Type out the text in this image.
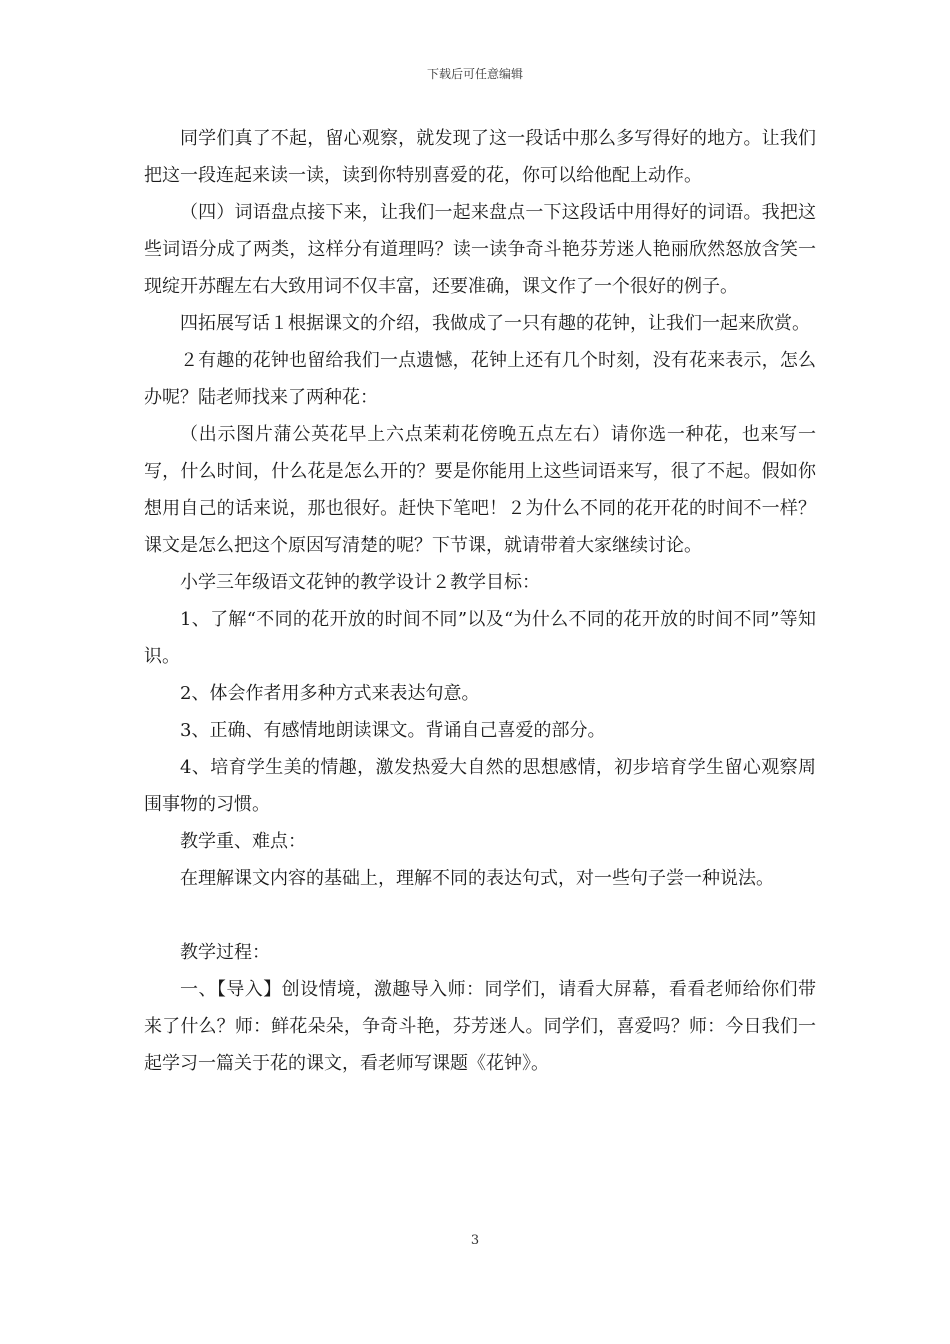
下载后可任意编辑

同学们真了不起，留心观察，就发现了这一段话中那么多写得好的地方。让我们把这一段连起来读一读，读到你特别喜爱的花，你可以给他配上动作。

（四）词语盘点接下来，让我们一起来盘点一下这段话中用得好的词语。我把这些词语分成了两类，这样分有道理吗？读一读争奇斗艳芬芳迷人艳丽欣然怒放含笑一现绽开苏醒左右大致用词不仅丰富，还要准确，课文作了一个很好的例子。

四拓展写话１根据课文的介绍，我做成了一只有趣的花钟，让我们一起来欣赏。

２有趣的花钟也留给我们一点遗憾，花钟上还有几个时刻，没有花来表示，怎么办呢？陆老师找来了两种花：

（出示图片蒲公英花早上六点茉莉花傍晚五点左右）请你选一种花，也来写一写，什么时间，什么花是怎么开的？要是你能用上这些词语来写，很了不起。假如你想用自己的话来说，那也很好。赶快下笔吧！２为什么不同的花开花的时间不一样？课文是怎么把这个原因写清楚的呢？下节课，就请带着大家继续讨论。

小学三年级语文花钟的教学设计２教学目标：

1、了解“不同的花开放的时间不同”以及“为什么不同的花开放的时间不同”等知识。

2、体会作者用多种方式来表达句意。

3、正确、有感情地朗读课文。背诵自己喜爱的部分。

4、培育学生美的情趣，激发热爱大自然的思想感情，初步培育学生留心观察周围事物的习惯。

教学重、难点：

在理解课文内容的基础上，理解不同的表达句式，对一些句子尝一种说法。

教学过程：

一、【导入】创设情境，激趣导入师：同学们，请看大屏幕，看看老师给你们带来了什么？师：鲜花朵朵，争奇斗艳，芬芳迷人。同学们，喜爱吗？师：今日我们一起学习一篇关于花的课文，看老师写课题《花钟》。

3
